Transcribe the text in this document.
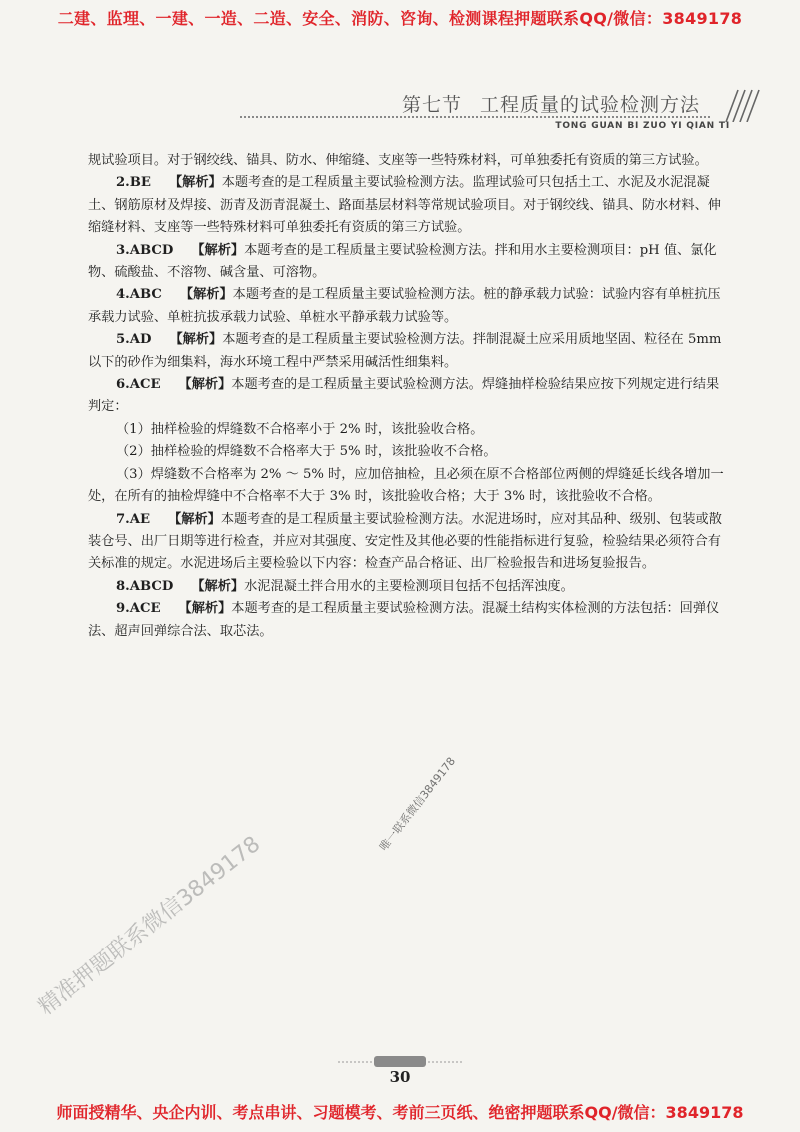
二建、监理、一建、一造、二造、安全、消防、咨询、检测课程押题联系QQ/微信：3849178
第七节 工程质量的试验检测方法
TONG GUAN BI ZUO YI QIAN TI

规试验项目。对于钢绞线、锚具、防水、伸缩缝、支座等一些特殊材料，可单独委托有资质的第三方试验。

2.BE 【解析】本题考查的是工程质量主要试验检测方法。监理试验可只包括土工、水泥及水泥混凝土、钢筋原材及焊接、沥青及沥青混凝土、路面基层材料等常规试验项目。对于钢绞线、锚具、防水材料、伸缩缝材料、支座等一些特殊材料可单独委托有资质的第三方试验。

3.ABCD 【解析】本题考查的是工程质量主要试验检测方法。拌和用水主要检测项目：pH 值、氯化物、硫酸盐、不溶物、碱含量、可溶物。

4.ABC 【解析】本题考查的是工程质量主要试验检测方法。桩的静承载力试验：试验内容有单桩抗压承载力试验、单桩抗拔承载力试验、单桩水平静承载力试验等。

5.AD 【解析】本题考查的是工程质量主要试验检测方法。拌制混凝土应采用质地坚固、粒径在 5mm 以下的砂作为细集料，海水环境工程中严禁采用碱活性细集料。

6.ACE 【解析】本题考查的是工程质量主要试验检测方法。焊缝抽样检验结果应按下列规定进行结果判定：

（1）抽样检验的焊缝数不合格率小于 2% 时，该批验收合格。

（2）抽样检验的焊缝数不合格率大于 5% 时，该批验收不合格。

（3）焊缝数不合格率为 2% ～ 5% 时，应加倍抽检，且必须在原不合格部位两侧的焊缝延长线各增加一处，在所有的抽检焊缝中不合格率不大于 3% 时，该批验收合格；大于 3% 时，该批验收不合格。

7.AE 【解析】本题考查的是工程质量主要试验检测方法。水泥进场时，应对其品种、级别、包装或散装仓号、出厂日期等进行检查，并应对其强度、安定性及其他必要的性能指标进行复验，检验结果必须符合有关标准的规定。水泥进场后主要检验以下内容：检查产品合格证、出厂检验报告和进场复验报告。

8.ABCD 【解析】水泥混凝土拌合用水的主要检测项目包括不包括浑浊度。

9.ACE 【解析】本题考查的是工程质量主要试验检测方法。混凝土结构实体检测的方法包括：回弹仪法、超声回弹综合法、取芯法。

精准押题联系微信3849178
唯一联系微信3849178
30
师面授精华、央企内训、考点串讲、习题模考、考前三页纸、绝密押题联系QQ/微信：3849178
